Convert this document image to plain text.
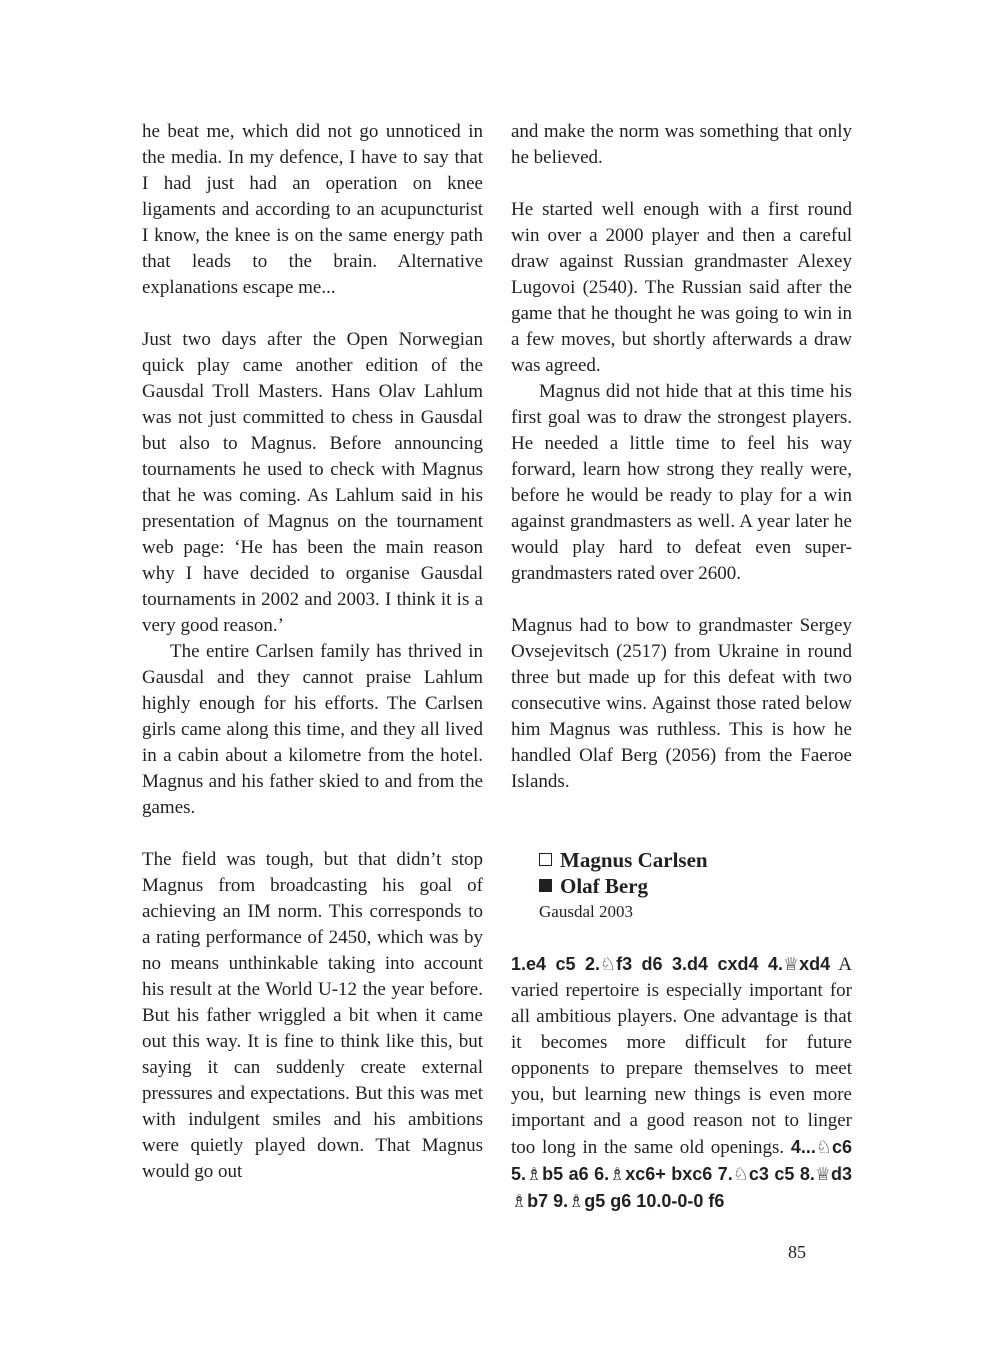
he beat me, which did not go unnoticed in the media. In my defence, I have to say that I had just had an operation on knee ligaments and according to an acupuncturist I know, the knee is on the same energy path that leads to the brain. Alternative explanations escape me...

Just two days after the Open Norwegian quick play came another edition of the Gausdal Troll Masters. Hans Olav Lahlum was not just committed to chess in Gausdal but also to Magnus. Before announcing tournaments he used to check with Magnus that he was coming. As Lahlum said in his presentation of Magnus on the tournament web page: ‘He has been the main reason why I have decided to organise Gausdal tournaments in 2002 and 2003. I think it is a very good reason.’

The entire Carlsen family has thrived in Gausdal and they cannot praise Lahlum highly enough for his efforts. The Carlsen girls came along this time, and they all lived in a cabin about a kilometre from the hotel. Magnus and his father skied to and from the games.

The field was tough, but that didn’t stop Magnus from broadcasting his goal of achieving an IM norm. This corresponds to a rating performance of 2450, which was by no means unthinkable taking into account his result at the World U-12 the year before. But his father wriggled a bit when it came out this way. It is fine to think like this, but saying it can suddenly create external pressures and expectations. But this was met with indulgent smiles and his ambitions were quietly played down. That Magnus would go out

and make the norm was something that only he believed.

He started well enough with a first round win over a 2000 player and then a careful draw against Russian grandmaster Alexey Lugovoi (2540). The Russian said after the game that he thought he was going to win in a few moves, but shortly afterwards a draw was agreed.

Magnus did not hide that at this time his first goal was to draw the strongest players. He needed a little time to feel his way forward, learn how strong they really were, before he would be ready to play for a win against grandmasters as well. A year later he would play hard to defeat even super-grandmasters rated over 2600.

Magnus had to bow to grandmaster Sergey Ovsejevitsch (2517) from Ukraine in round three but made up for this defeat with two consecutive wins. Against those rated below him Magnus was ruthless. This is how he handled Olaf Berg (2056) from the Faeroe Islands.

Magnus Carlsen
Olaf Berg
Gausdal 2003

1.e4 c5 2.♘f3 d6 3.d4 cxd4 4.♕xd4 A varied repertoire is especially important for all ambitious players. One advantage is that it becomes more difficult for future opponents to prepare themselves to meet you, but learning new things is even more important and a good reason not to linger too long in the same old openings. 4...♘c6 5.♗b5 a6 6.♗xc6+ bxc6 7.♘c3 c5 8.♕d3 ♗b7 9.♗g5 g6 10.0-0-0 f6

85
